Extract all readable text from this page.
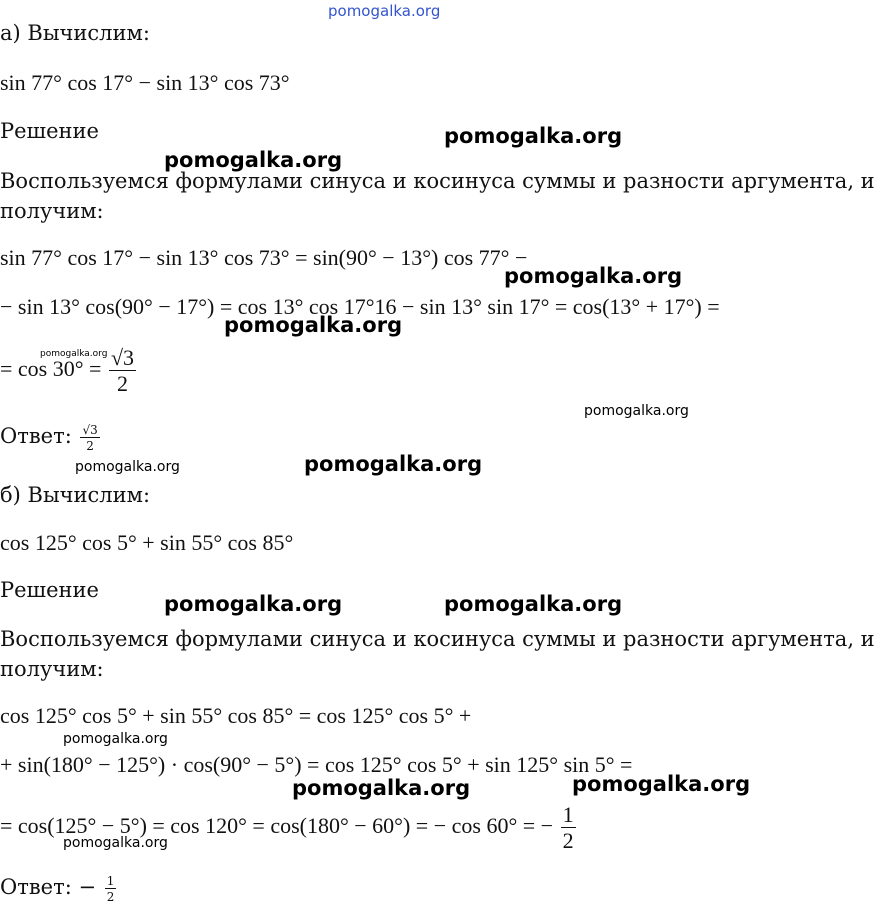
pomogalka.org
pomogalka.org
pomogalka.org
pomogalka.org
pomogalka.org
pomogalka.org
pomogalka.org
pomogalka.org
pomogalka.org
pomogalka.org	pomogalka.org
pomogalka.org
pomogalka.org
pomogalka.org
pomogalka.org
а) Вычислим:
sin 77° cos 17° − sin 13° cos 73°
Решение
Воспользуемся формулами синуса и косинуса суммы и разности аргумента, и
получим:
sin 77° cos 17° − sin 13° cos 73° = sin(90° − 13°) cos 77° −
− sin 13° cos(90° − 17°) = cos 13° cos 17°16 − sin 13° sin 17° = cos(13° + 17°) =
= $\cos 30^\circ = \frac{√3}{2}$
Ответ: $\frac{√3}{2}$
б) Вычислим:
cos 125° cos 5° + sin 55° cos 85°
Решение
Воспользуемся формулами синуса и косинуса суммы и разности аргумента, и
получим:
cos 125° cos 5° + sin 55° cos 85° = cos 125° cos 5° +
+ sin(180° − 125°) · cos(90° − 5°) = cos 125° cos 5° + sin 125° sin 5° =
= cos(125° − 5°) = cos 120° = cos(180° − 60°) = − cos 60° = − $\frac{1}{2}$
Ответ: − $\frac{1}{2}$
